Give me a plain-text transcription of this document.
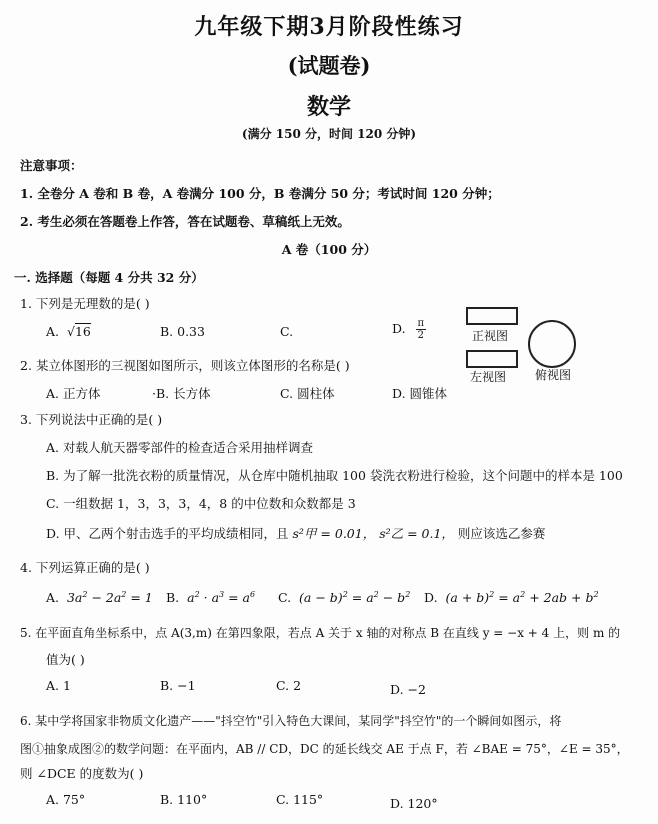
九年级下期3月阶段性练习
(试题卷)
数学
(满分 150 分，时间 120 分钟)
注意事项：
1. 全卷分 A 卷和 B 卷，A 卷满分 100 分，B 卷满分 50 分；考试时间 120 分钟；
2. 考生必须在答题卷上作答，答在试题卷、草稿纸上无效。
A 卷（100 分）
一. 选择题（每题 4 分共 32 分）
1. 下列是无理数的是( )
A.  √16	B. 0.33	C.	D. $\frac{\pi}{2}$	正视图
左视图 俯视图
2. 某立体图形的三视图如图所示，则该立体图形的名称是( )
A. 正方体	·B. 长方体	C. 圆柱体	D. 圆锥体
3. 下列说法中正确的是( )
A. 对载人航天器零部件的检查适合采用抽样调查
B. 为了解一批洗衣粉的质量情况，从仓库中随机抽取 100 袋洗衣粉进行检验，这个问题中的样本是 100
C. 一组数据 1，3，3，3，4，8 的中位数和众数都是 3
D. 甲、乙两个射击选手的平均成绩相同，且 s²甲 = 0.01， s²乙 = 0.1， 则应该选乙参赛
4. 下列运算正确的是( )
A. $3a^2 - 2a^2 = 1$ B. $a^2 \cdot a^3 = a^6$ C. $(a - b)^2 = a^2 - b^2$ D. $(a + b)^2 = a^2 + 2ab + b^2$
5. 在平面直角坐标系中，点 A(3,m) 在第四象限，若点 A 关于 x 轴的对称点 B 在直线 y = −x + 4 上，则 m 的
值为( )
A. 1	B. −1	C. 2	D. −2
6. 某中学将国家非物质文化遗产——"抖空竹"引入特色大课间，某同学"抖空竹"的一个瞬间如图示，将
图①抽象成图②的数学问题：在平面内，AB // CD，DC 的延长线交 AE 于点 F，若 ∠BAE = 75°，∠E = 35°，
则 ∠DCE 的度数为( )
A. 75°	B. 110°	C. 115°	D. 120°
